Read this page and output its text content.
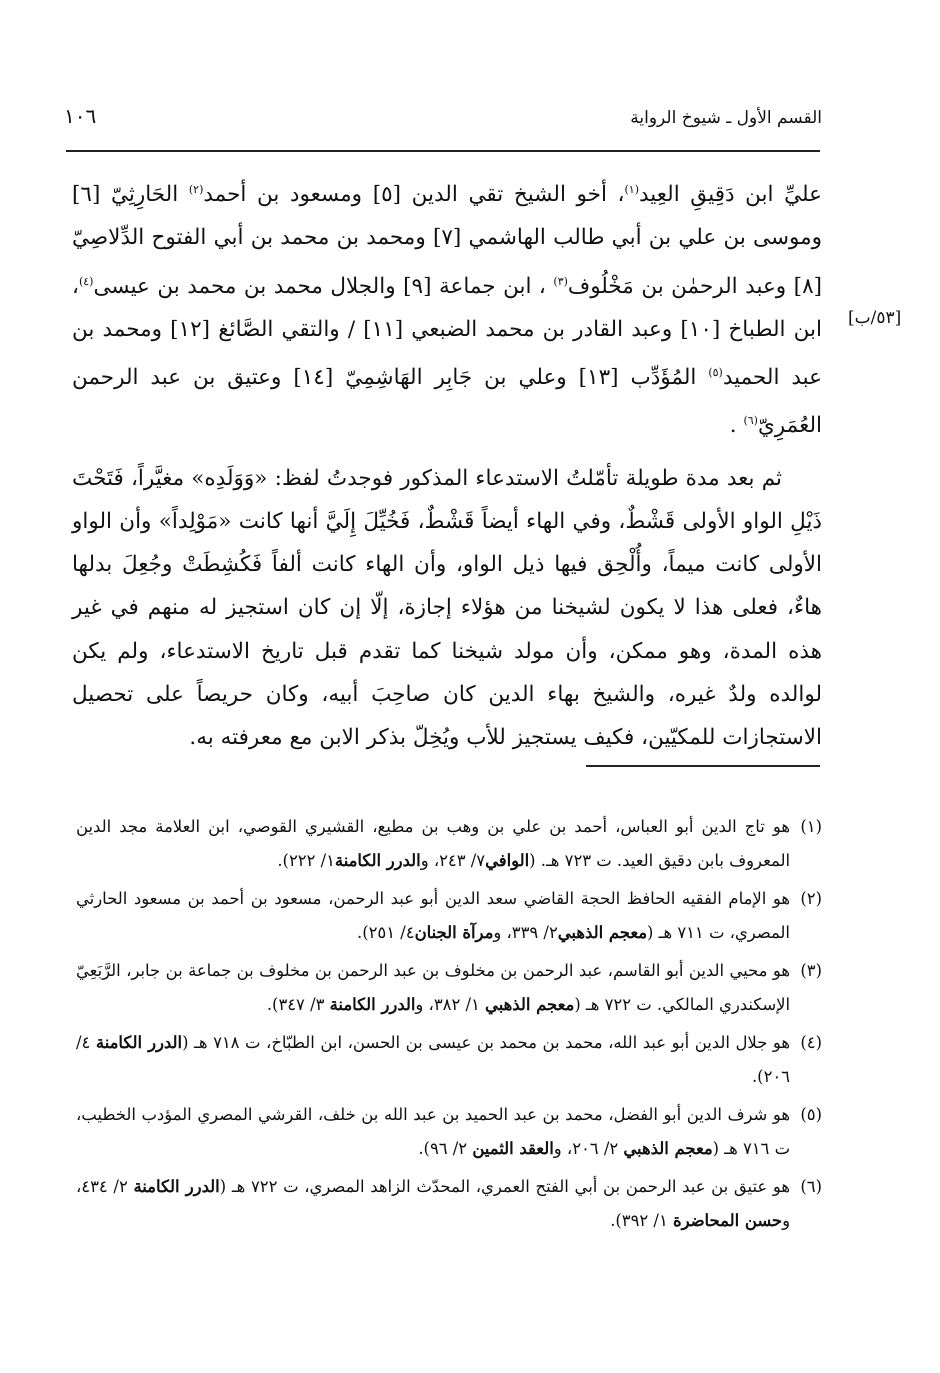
القسم الأول ـ شيوخ الرواية
١٠٦
[٥٣/ب]

عليِّ ابن دَقِيقِ العِيد$^{(١)}$، أخو الشيخ تقي الدين [٥] ومسعود بن أحمد$^{(٢)}$ الحَارِثِيّ [٦] وموسى بن علي بن أبي طالب الهاشمي [٧] ومحمد بن محمد بن أبي الفتوح الدِّلاصِيّ [٨] وعبد الرحمٰن بن مَخْلُوف$^{(٣)}$ ، ابن جماعة [٩] والجلال محمد بن محمد بن عيسى$^{(٤)}$، ابن الطباخ [١٠] وعبد القادر بن محمد الضبعي [١١] / والتقي الصَّائغ [١٢] ومحمد بن عبد الحميد$^{(٥)}$ المُؤَدِّب [١٣] وعلي بن جَابِر الهَاشِمِيّ [١٤] وعتيق بن عبد الرحمن العُمَرِيّ$^{(٦)}$ .

ثم بعد مدة طويلة تأمّلتُ الاستدعاء المذكور فوجدتُ لفظ: «وَوَلَدِه» مغيَّراً، فَتَحْتَ ذَيْلِ الواو الأولى قَشْطٌ، وفي الهاء أيضاً قَشْطٌ، فَخُيِّلَ إِلَيَّ أنها كانت «مَوْلِداً» وأن الواو الأولى كانت ميماً، وأُلْحِق فيها ذيل الواو، وأن الهاء كانت ألفاً فَكُشِطَتْ وجُعِلَ بدلها هاءٌ، فعلى هذا لا يكون لشيخنا من هؤلاء إجازة، إلّا إن كان استجيز له منهم في غير هذه المدة، وهو ممكن، وأن مولد شيخنا كما تقدم قبل تاريخ الاستدعاء، ولم يكن لوالده ولدٌ غيره، والشيخ بهاء الدين كان صاحِبَ أبيه، وكان حريصاً على تحصيل الاستجازات للمكيّين، فكيف يستجيز للأب ويُخِلّ بذكر الابن مع معرفته به.

(١)
هو تاج الدين أبو العباس، أحمد بن علي بن وهب بن مطيع، القشيري القوصي، ابن العلامة مجد الدين المعروف بابن دقيق العيد. ت ٧٢٣ هـ. (الوافي٧/ ٢٤٣، والدرر الكامنة١/ ٢٢٢).
(٢)
هو الإمام الفقيه الحافظ الحجة القاضي سعد الدين أبو عبد الرحمن، مسعود بن أحمد بن مسعود الحارثي المصري، ت ٧١١ هـ (معجم الذهبي٢/ ٣٣٩، ومرآة الجنان٤/ ٢٥١).
(٣)
هو محيي الدين أبو القاسم، عبد الرحمن بن مخلوف بن عبد الرحمن بن مخلوف بن جماعة بن جابر، الرَّبَعِيّ الإسكندري المالكي. ت ٧٢٢ هـ (معجم الذهبي ١/ ٣٨٢، والدرر الكامنة ٣/ ٣٤٧).
(٤)
هو جلال الدين أبو عبد الله، محمد بن محمد بن عيسى بن الحسن، ابن الطبّاخ، ت ٧١٨ هـ (الدرر الكامنة ٤/ ٢٠٦).
(٥)
هو شرف الدين أبو الفضل، محمد بن عبد الحميد بن عبد الله بن خلف، القرشي المصري المؤدب الخطيب، ت ٧١٦ هـ (معجم الذهبي ٢/ ٢٠٦، والعقد الثمين ٢/ ٩٦).
(٦)
هو عتيق بن عبد الرحمن بن أبي الفتح العمري، المحدّث الزاهد المصري، ت ٧٢٢ هـ (الدرر الكامنة ٢/ ٤٣٤، وحسن المحاضرة ١/ ٣٩٢).
